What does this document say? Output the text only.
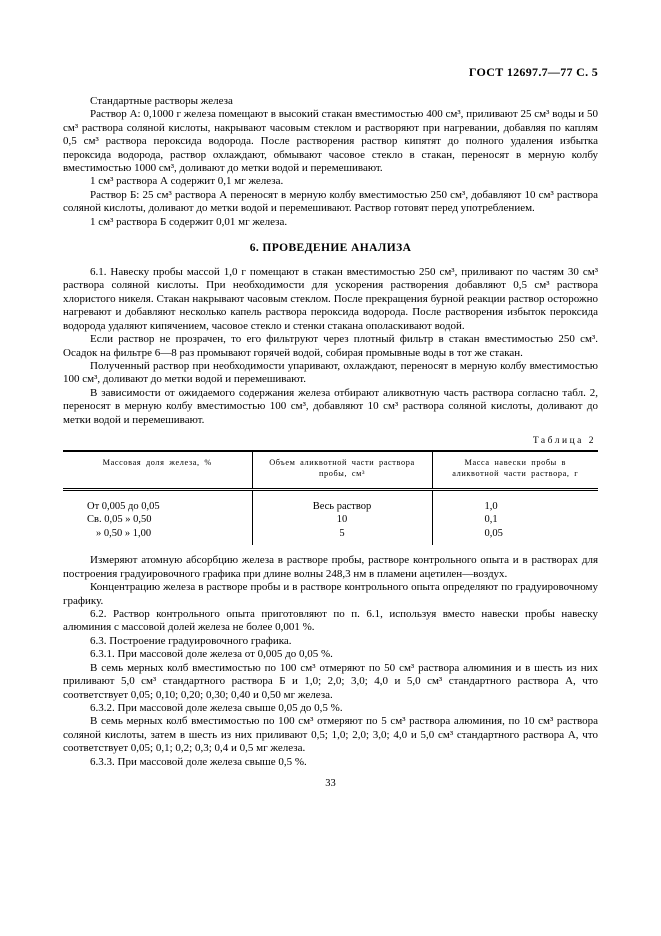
ГОСТ 12697.7—77 С. 5

Стандартные растворы железа

Раствор А: 0,1000 г железа помещают в высокий стакан вместимостью 400 см³, приливают 25 см³ воды и 50 см³ раствора соляной кислоты, накрывают часовым стеклом и растворяют при нагревании, добавляя по каплям 0,5 см³ раствора пероксида водорода. После растворения раствор кипятят до полного удаления избытка пероксида водорода, раствор охлаждают, обмывают часовое стекло в стакан, переносят в мерную колбу вместимостью 1000 см³, доливают до метки водой и перемешивают.

1 см³ раствора А содержит 0,1 мг железа.

Раствор Б: 25 см³ раствора А переносят в мерную колбу вместимостью 250 см³, добавляют 10 см³ раствора соляной кислоты, доливают до метки водой и перемешивают. Раствор готовят перед употреблением.

1 см³ раствора Б содержит 0,01 мг железа.

6. ПРОВЕДЕНИЕ АНАЛИЗА

6.1. Навеску пробы массой 1,0 г помещают в стакан вместимостью 250 см³, приливают по частям 30 см³ раствора соляной кислоты. При необходимости для ускорения растворения добавляют 0,5 см³ раствора хлористого никеля. Стакан накрывают часовым стеклом. После прекращения бурной реакции раствор осторожно нагревают и добавляют несколько капель раствора пероксида водорода. После растворения избыток пероксида водорода удаляют кипячением, часовое стекло и стенки стакана ополаскивают водой.

Если раствор не прозрачен, то его фильтруют через плотный фильтр в стакан вместимостью 250 см³. Осадок на фильтре 6—8 раз промывают горячей водой, собирая промывные воды в тот же стакан.

Полученный раствор при необходимости упаривают, охлаждают, переносят в мерную колбу вместимостью 100 см³, доливают до метки водой и перемешивают.

В зависимости от ожидаемого содержания железа отбирают аликвотную часть раствора согласно табл. 2, переносят в мерную колбу вместимостью 100 см³, добавляют 10 см³ раствора соляной кислоты, доливают до метки водой и перемешивают.

Таблица 2
Массовая доля железа, %	Объем аликвотной части раствора пробы, см³	Масса навески пробы в аликвотной части раствора, г
От 0,005 до 0,05	Весь раствор	1,0
Св. 0,05 » 0,50	10	0,1
» 0,50 » 1,00	5	0,05

Измеряют атомную абсорбцию железа в растворе пробы, растворе контрольного опыта и в растворах для построения градуировочного графика при длине волны 248,3 нм в пламени ацетилен—воздух.

Концентрацию железа в растворе пробы и в растворе контрольного опыта определяют по градуировочному графику.

6.2. Раствор контрольного опыта приготовляют по п. 6.1, используя вместо навески пробы навеску алюминия с массовой долей железа не более 0,001 %.

6.3. Построение градуировочного графика.

6.3.1. При массовой доле железа от 0,005 до 0,05 %.

В семь мерных колб вместимостью по 100 см³ отмеряют по 50 см³ раствора алюминия и в шесть из них приливают 5,0 см³ стандартного раствора Б и 1,0; 2,0; 3,0; 4,0 и 5,0 см³ стандартного раствора А, что соответствует 0,05; 0,10; 0,20; 0,30; 0,40 и 0,50 мг железа.

6.3.2. При массовой доле железа свыше 0,05 до 0,5 %.

В семь мерных колб вместимостью по 100 см³ отмеряют по 5 см³ раствора алюминия, по 10 см³ раствора соляной кислоты, затем в шесть из них приливают 0,5; 1,0; 2,0; 3,0; 4,0 и 5,0 см³ стандартного раствора А, что соответствует 0,05; 0,1; 0,2; 0,3; 0,4 и 0,5 мг железа.

6.3.3. При массовой доле железа свыше 0,5 %.

33
